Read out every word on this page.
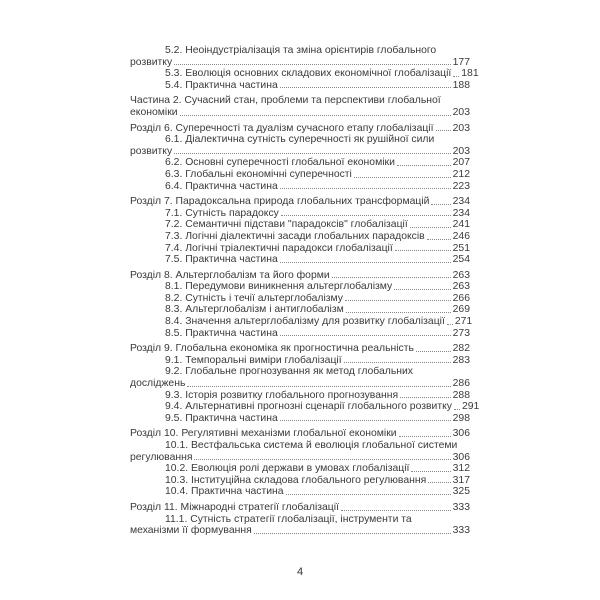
5.2. Неоіндустріалізація та зміна орієнтирів глобального
розвитку	177
5.3. Еволюція основних складових економічної глобалізації 181
5.4. Практична частина	188
Частина 2. Сучасний стан, проблеми та перспективи глобальної
економіки	203
Розділ 6. Суперечності та дуалізм сучасного етапу глобалізації 203
6.1. Діалектична сутність суперечності як рушійної сили
розвитку	203
6.2. Основні суперечності глобальної економіки	207
6.3. Глобальні економічні суперечності	212
6.4. Практична частина	223
Розділ 7. Парадоксальна природа глобальних трансформацій 234
7.1. Сутність парадоксу	234
7.2. Семантичні підстави "парадоксів" глобалізації	241
7.3. Логічні діалектичні засади глобальних парадоксів	246
7.4. Логічні тріалектичні парадокси глобалізації	251
7.5. Практична частина	254
Розділ 8. Альтерглобалізм та його форми	263
8.1. Передумови виникнення альтерглобалізму	263
8.2. Сутність і течії альтерглобалізму	266
8.3. Альтерглобалізм і антиглобалізм	269
8.4. Значення альтерглобалізму для розвитку глобалізації 271
8.5. Практична частина	273
Розділ 9. Глобальна економіка як прогностична реальність	282
9.1. Темпоральні виміри глобалізації	283
9.2. Глобальне прогнозування як метод глобальних
досліджень	286
9.3. Історія розвитку глобального прогнозування	288
9.4. Альтернативні прогнозні сценарії глобального розвитку 291
9.5. Практична частина	298
Розділ 10. Регулятивні механізми глобальної економіки	306
10.1. Вестфальська система й еволюція глобальної системи
регулювання	306
10.2. Еволюція ролі держави в умовах глобалізації	312
10.3. Інституційна складова глобального регулювання	317
10.4. Практична частина	325
Розділ 11. Міжнародні стратегії глобалізації	333
11.1. Сутність стратегії глобалізації, інструменти та
механізми її формування	333
4
